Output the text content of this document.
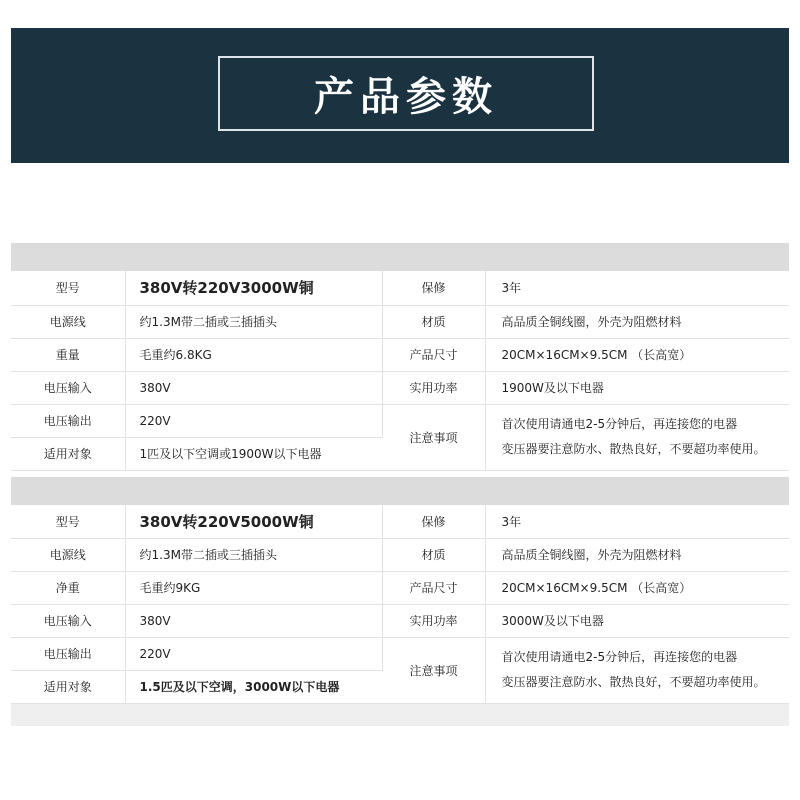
产品参数

型号	380V转220V3000W铜	保修	3年
电源线	约1.3M带二插或三插插头	材质	高品质全铜线圈，外壳为阻燃材料
重量	毛重约6.8KG	产品尺寸	20CM×16CM×9.5CM （长高宽）
电压输入	380V	实用功率	1900W及以下电器
电压输出	220V	注意事项	首次使用请通电2-5分钟后，再连接您的电器
变压器要注意防水、散热良好，不要超功率使用。

适用对象	1匹及以下空调或1900W以下电器		

型号	380V转220V5000W铜	保修	3年
电源线	约1.3M带二插或三插插头	材质	高品质全铜线圈，外壳为阻燃材料
净重	毛重约9KG	产品尺寸	20CM×16CM×9.5CM （长高宽）
电压输入	380V	实用功率	3000W及以下电器
电压输出	220V	注意事项	首次使用请通电2-5分钟后，再连接您的电器
变压器要注意防水、散热良好，不要超功率使用。

适用对象	1.5匹及以下空调，3000W以下电器		
